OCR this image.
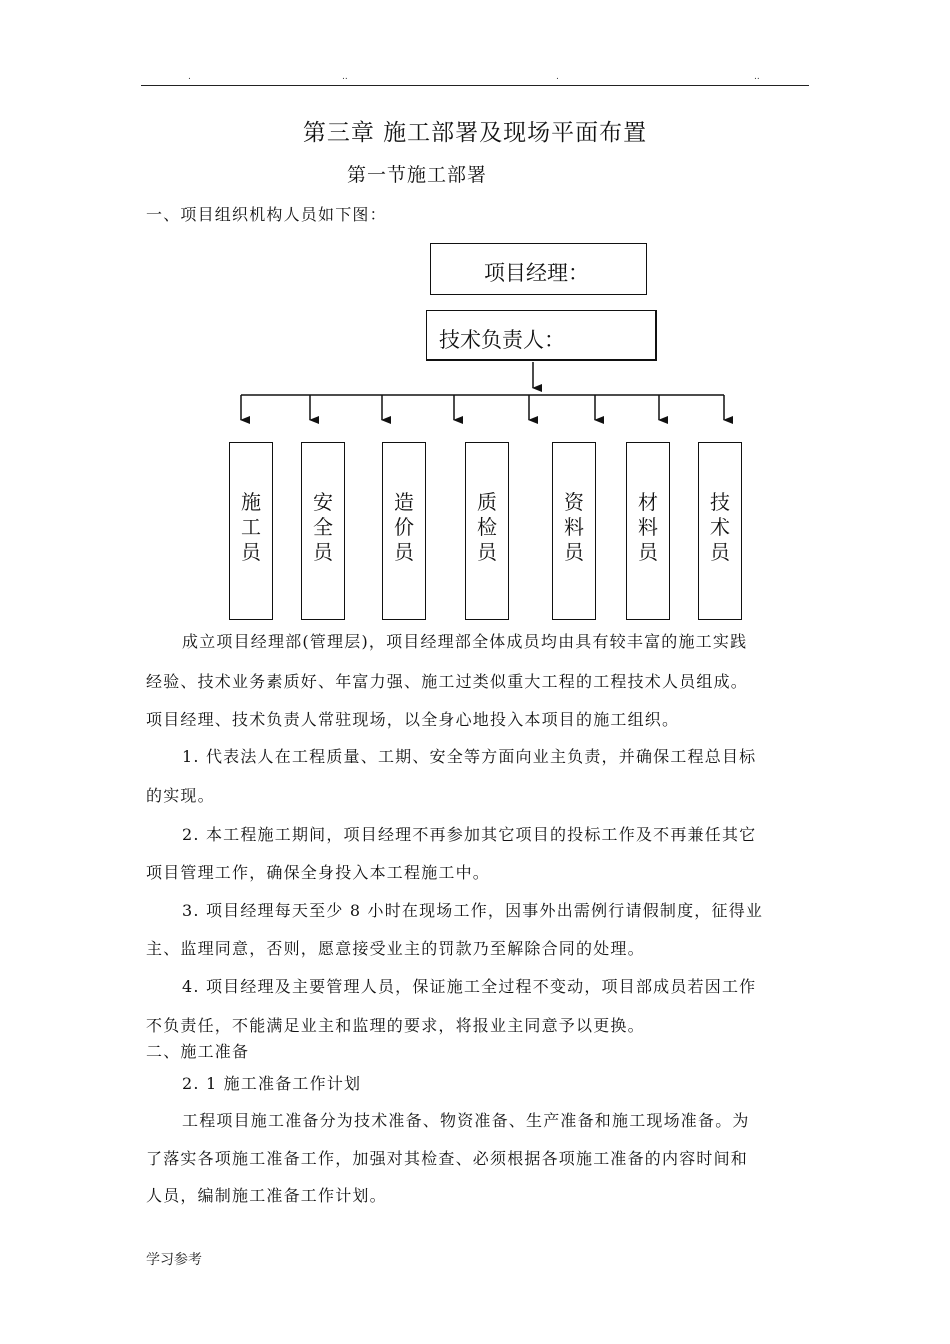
.	..	.	..
第三章 施工部署及现场平面布置
第一节施工部署
一、项目组织机构人员如下图：
项目经理：
技术负责人：
施
工
员
安
全
员
造
价
员
质
检
员
资
料
员
材
料
员
技
术
员
成立项目经理部(管理层)，项目经理部全体成员均由具有较丰富的施工实践
经验、技术业务素质好、年富力强、施工过类似重大工程的工程技术人员组成。
项目经理、技术负责人常驻现场，以全身心地投入本项目的施工组织。
1. 代表法人在工程质量、工期、安全等方面向业主负责，并确保工程总目标
的实现。
2. 本工程施工期间，项目经理不再参加其它项目的投标工作及不再兼任其它
项目管理工作，确保全身投入本工程施工中。
3. 项目经理每天至少 8 小时在现场工作，因事外出需例行请假制度，征得业
主、监理同意，否则，愿意接受业主的罚款乃至解除合同的处理。
4. 项目经理及主要管理人员，保证施工全过程不变动，项目部成员若因工作
不负责任，不能满足业主和监理的要求，将报业主同意予以更换。
二、施工准备
2. 1 施工准备工作计划
工程项目施工准备分为技术准备、物资准备、生产准备和施工现场准备。为
了落实各项施工准备工作，加强对其检查、必须根据各项施工准备的内容时间和
人员，编制施工准备工作计划。
学习参考
